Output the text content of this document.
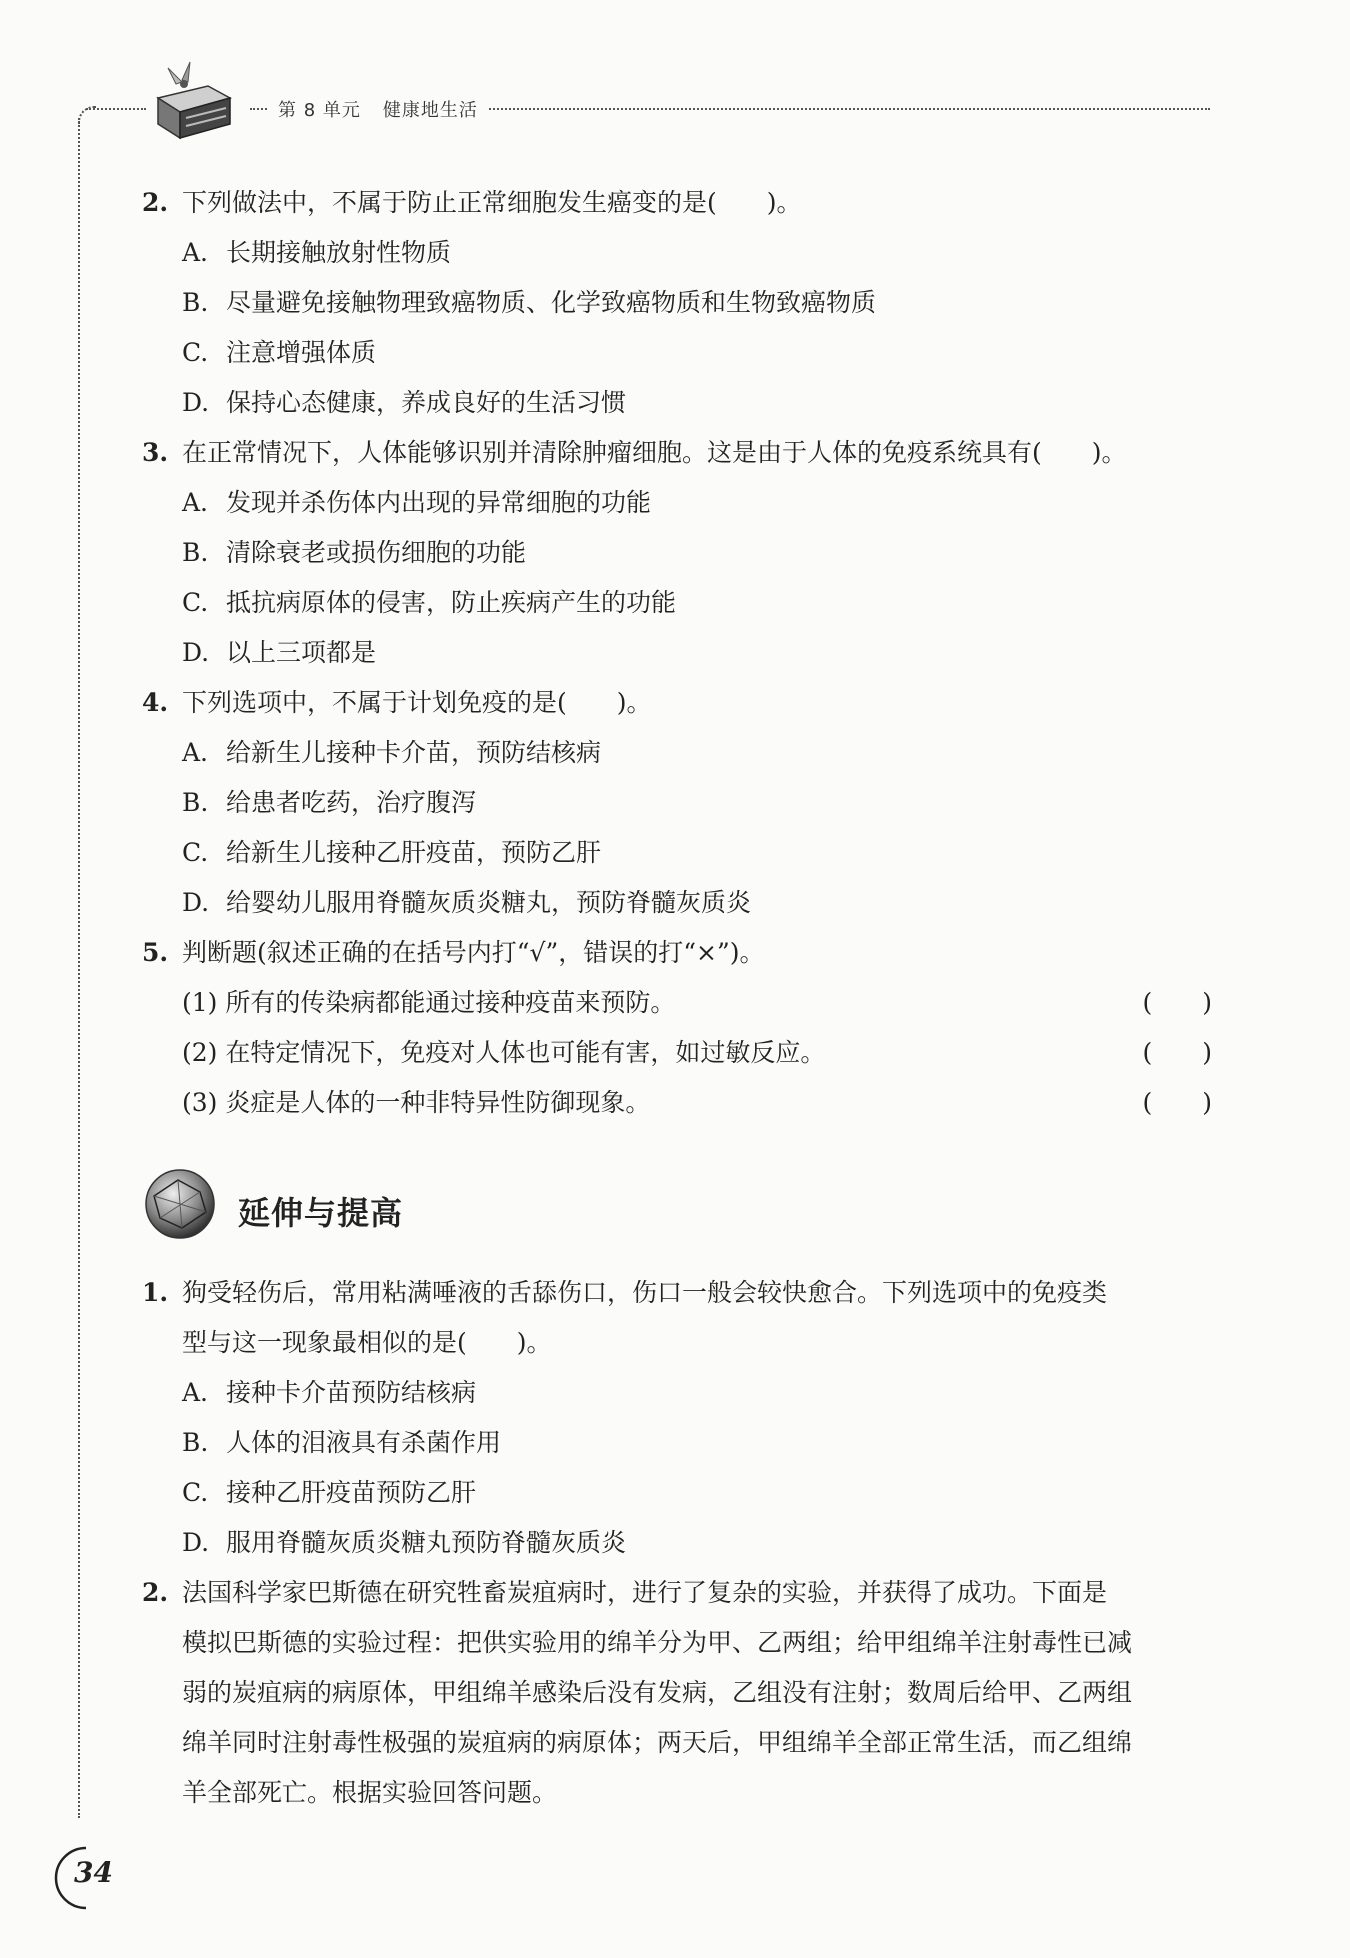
第 8 单元 健康地生活
2. 下列做法中，不属于防止正常细胞发生癌变的是(　　)。
A. 长期接触放射性物质
B. 尽量避免接触物理致癌物质、化学致癌物质和生物致癌物质
C. 注意增强体质
D. 保持心态健康，养成良好的生活习惯
3. 在正常情况下，人体能够识别并清除肿瘤细胞。这是由于人体的免疫系统具有(　　)。
A. 发现并杀伤体内出现的异常细胞的功能
B. 清除衰老或损伤细胞的功能
C. 抵抗病原体的侵害，防止疾病产生的功能
D. 以上三项都是
4. 下列选项中，不属于计划免疫的是(　　)。
A. 给新生儿接种卡介苗，预防结核病
B. 给患者吃药，治疗腹泻
C. 给新生儿接种乙肝疫苗，预防乙肝
D. 给婴幼儿服用脊髓灰质炎糖丸，预防脊髓灰质炎
5. 判断题(叙述正确的在括号内打“√”，错误的打“×”)。
(1) 所有的传染病都能通过接种疫苗来预防。	(　　)
(2) 在特定情况下，免疫对人体也可能有害，如过敏反应。	(　　)
(3) 炎症是人体的一种非特异性防御现象。	(　　)
延伸与提高
1. 狗受轻伤后，常用粘满唾液的舌舔伤口，伤口一般会较快愈合。下列选项中的免疫类
型与这一现象最相似的是(　　)。
A. 接种卡介苗预防结核病
B. 人体的泪液具有杀菌作用
C. 接种乙肝疫苗预防乙肝
D. 服用脊髓灰质炎糖丸预防脊髓灰质炎
2. 法国科学家巴斯德在研究牲畜炭疽病时，进行了复杂的实验，并获得了成功。下面是
模拟巴斯德的实验过程：把供实验用的绵羊分为甲、乙两组；给甲组绵羊注射毒性已减
弱的炭疽病的病原体，甲组绵羊感染后没有发病，乙组没有注射；数周后给甲、乙两组
绵羊同时注射毒性极强的炭疽病的病原体；两天后，甲组绵羊全部正常生活，而乙组绵
羊全部死亡。根据实验回答问题。
34
